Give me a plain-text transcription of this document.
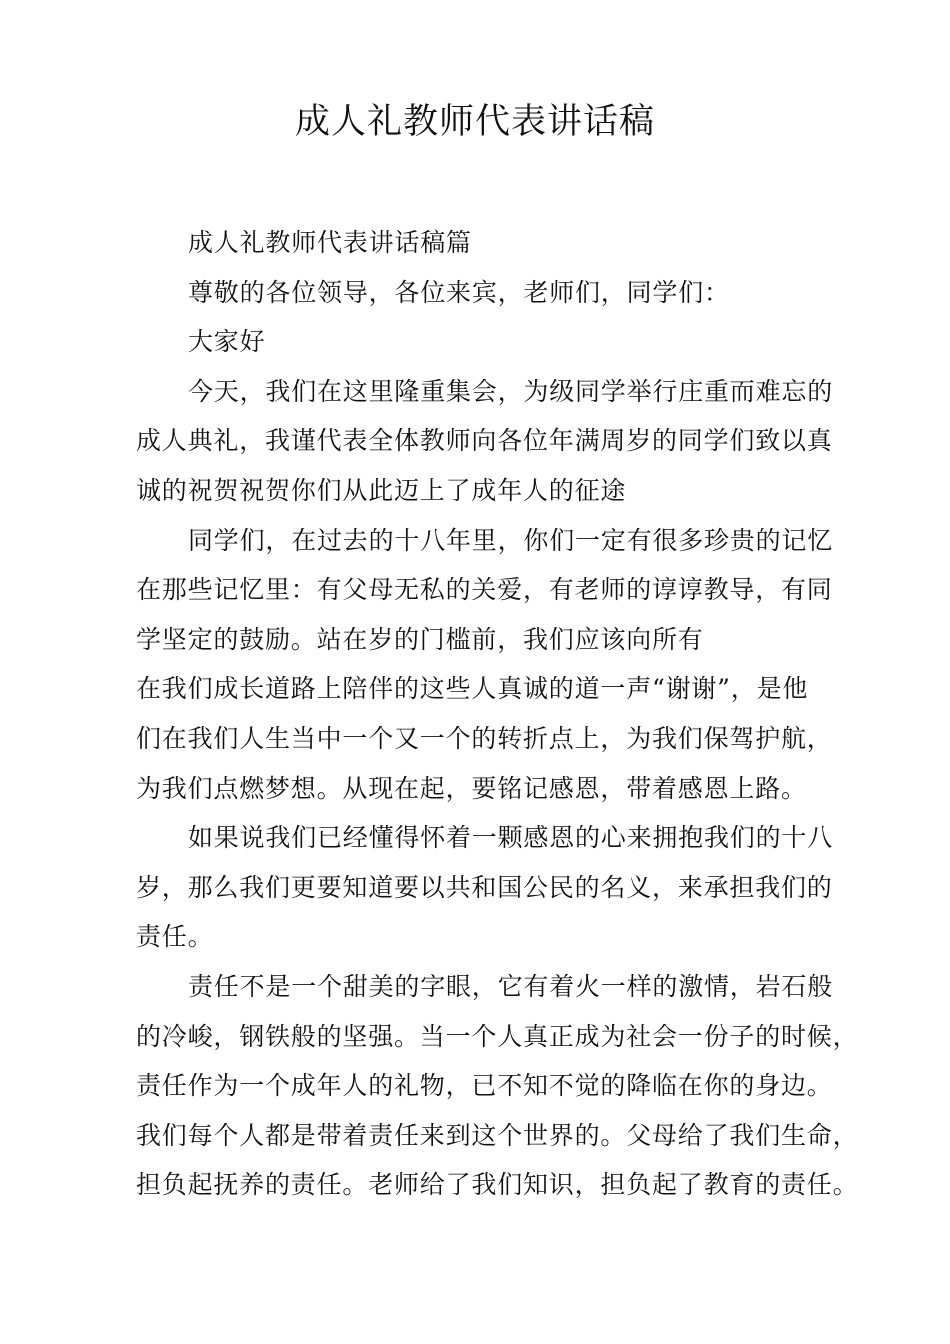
成人礼教师代表讲话稿

成人礼教师代表讲话稿篇

尊敬的各位领导，各位来宾，老师们，同学们：

大家好

今天，我们在这里隆重集会，为级同学举行庄重而难忘的
成人典礼，我谨代表全体教师向各位年满周岁的同学们致以真
诚的祝贺祝贺你们从此迈上了成年人的征途

同学们，在过去的十八年里，你们一定有很多珍贵的记忆
在那些记忆里：有父母无私的关爱，有老师的谆谆教导，有同
学坚定的鼓励。站在岁的门槛前，我们应该向所有

在我们成长道路上陪伴的这些人真诚的道一声“谢谢”，是他
们在我们人生当中一个又一个的转折点上，为我们保驾护航，
为我们点燃梦想。从现在起，要铭记感恩，带着感恩上路。

如果说我们已经懂得怀着一颗感恩的心来拥抱我们的十八
岁，那么我们更要知道要以共和国公民的名义，来承担我们的
责任。

责任不是一个甜美的字眼，它有着火一样的激情，岩石般
的冷峻，钢铁般的坚强。当一个人真正成为社会一份子的时候，
责任作为一个成年人的礼物，已不知不觉的降临在你的身边。
我们每个人都是带着责任来到这个世界的。父母给了我们生命，
担负起抚养的责任。老师给了我们知识，担负起了教育的责任。
